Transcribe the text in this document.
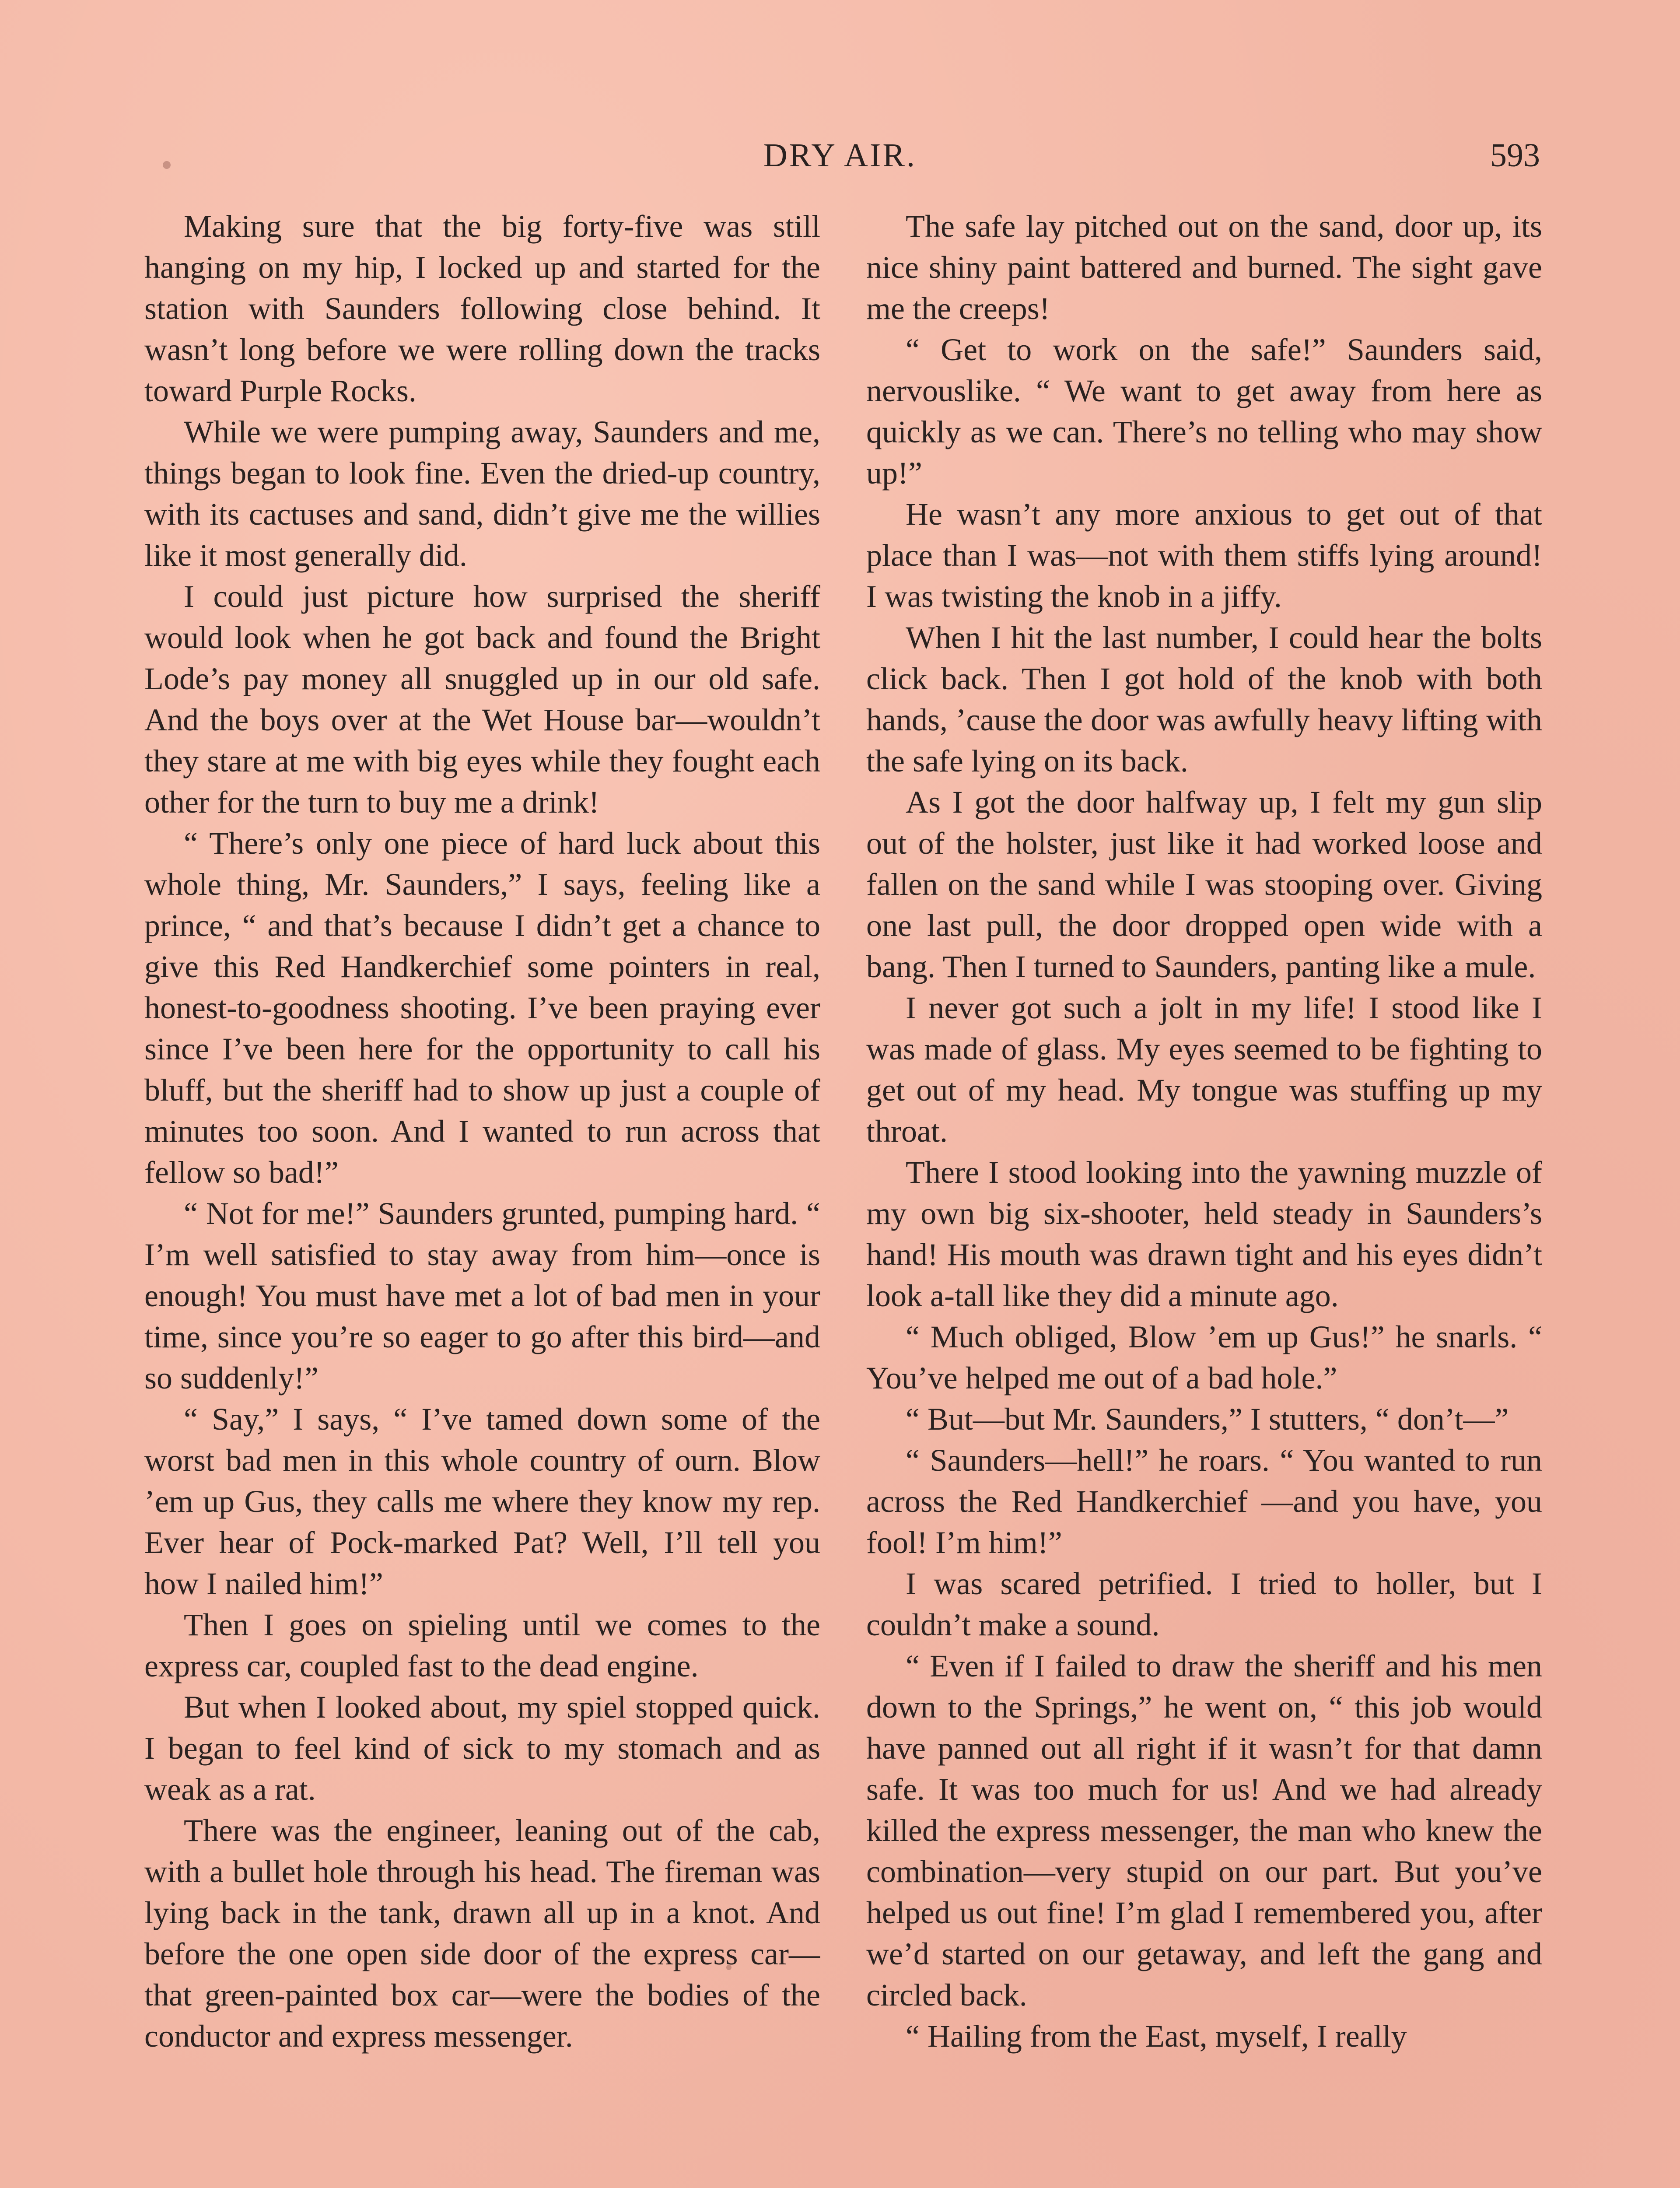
DRY AIR.	593

Making sure that the big forty-five was still hanging on my hip, I locked up and started for the station with Saunders following close behind. It wasn’t long before we were rolling down the tracks toward Purple Rocks.

While we were pumping away, Saunders and me, things began to look fine. Even the dried-up country, with its cactuses and sand, didn’t give me the willies like it most generally did.

I could just picture how surprised the sheriff would look when he got back and found the Bright Lode’s pay money all snuggled up in our old safe. And the boys over at the Wet House bar—wouldn’t they stare at me with big eyes while they fought each other for the turn to buy me a drink!

“ There’s only one piece of hard luck about this whole thing, Mr. Saunders,” I says, feeling like a prince, “ and that’s because I didn’t get a chance to give this Red Handkerchief some pointers in real, honest-to-goodness shooting. I’ve been praying ever since I’ve been here for the opportunity to call his bluff, but the sheriff had to show up just a couple of minutes too soon. And I wanted to run across that fellow so bad!”

“ Not for me!” Saunders grunted, pumping hard. “ I’m well satisfied to stay away from him—once is enough! You must have met a lot of bad men in your time, since you’re so eager to go after this bird—and so suddenly!”

“ Say,” I says, “ I’ve tamed down some of the worst bad men in this whole country of ourn. Blow ’em up Gus, they calls me where they know my rep. Ever hear of Pock-marked Pat? Well, I’ll tell you how I nailed him!”

Then I goes on spieling until we comes to the express car, coupled fast to the dead engine.

But when I looked about, my spiel stopped quick. I began to feel kind of sick to my stomach and as weak as a rat.

There was the engineer, leaning out of the cab, with a bullet hole through his head. The fireman was lying back in the tank, drawn all up in a knot. And before the one open side door of the express car—that green-painted box car—were the bodies of the conductor and express messenger.

The safe lay pitched out on the sand, door up, its nice shiny paint battered and burned. The sight gave me the creeps!

“ Get to work on the safe!” Saunders said, nervouslike. “ We want to get away from here as quickly as we can. There’s no telling who may show up!”

He wasn’t any more anxious to get out of that place than I was—not with them stiffs lying around! I was twisting the knob in a jiffy.

When I hit the last number, I could hear the bolts click back. Then I got hold of the knob with both hands, ’cause the door was awfully heavy lifting with the safe lying on its back.

As I got the door halfway up, I felt my gun slip out of the holster, just like it had worked loose and fallen on the sand while I was stooping over. Giving one last pull, the door dropped open wide with a bang. Then I turned to Saunders, panting like a mule.

I never got such a jolt in my life! I stood like I was made of glass. My eyes seemed to be fighting to get out of my head. My tongue was stuffing up my throat.

There I stood looking into the yawning muzzle of my own big six-shooter, held steady in Saunders’s hand! His mouth was drawn tight and his eyes didn’t look a-tall like they did a minute ago.

“ Much obliged, Blow ’em up Gus!” he snarls. “ You’ve helped me out of a bad hole.”

“ But—but Mr. Saunders,” I stutters, “ don’t—”

“ Saunders—hell!” he roars. “ You wanted to run across the Red Handkerchief —and you have, you fool! I’m him!”

I was scared petrified. I tried to holler, but I couldn’t make a sound.

“ Even if I failed to draw the sheriff and his men down to the Springs,” he went on, “ this job would have panned out all right if it wasn’t for that damn safe. It was too much for us! And we had already killed the express messenger, the man who knew the combination—very stupid on our part. But you’ve helped us out fine! I’m glad I remembered you, after we’d started on our getaway, and left the gang and circled back.

“ Hailing from the East, myself, I really
